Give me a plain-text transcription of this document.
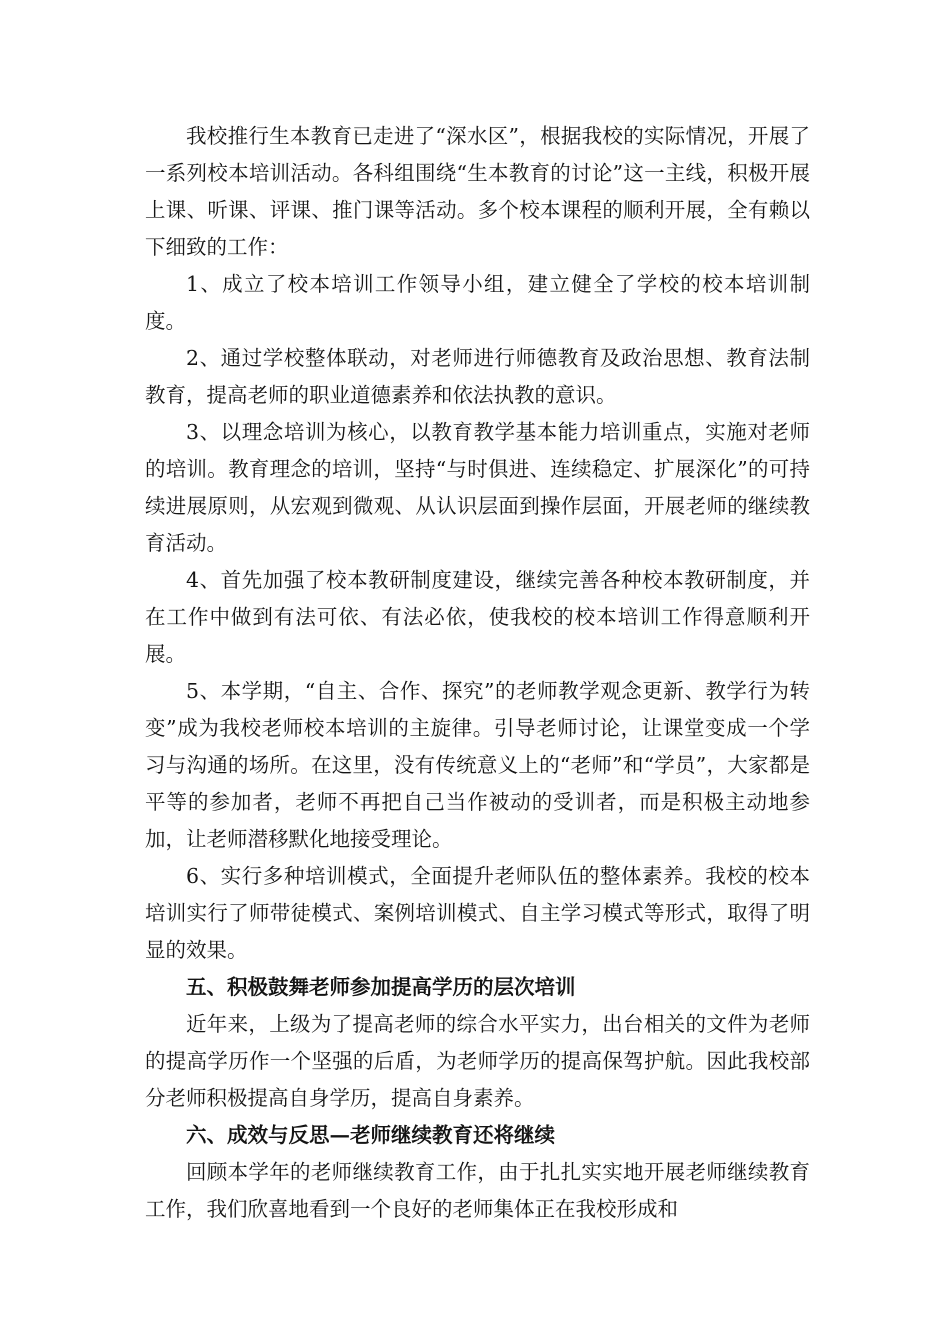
我校推行生本教育已走进了“深水区”，根据我校的实际情况，开展了一系列校本培训活动。各科组围绕“生本教育的讨论”这一主线，积极开展上课、听课、评课、推门课等活动。多个校本课程的顺利开展，全有赖以下细致的工作：

1、成立了校本培训工作领导小组，建立健全了学校的校本培训制度。

2、通过学校整体联动，对老师进行师德教育及政治思想、教育法制教育，提高老师的职业道德素养和依法执教的意识。

3、以理念培训为核心，以教育教学基本能力培训重点，实施对老师的培训。教育理念的培训，坚持“与时俱进、连续稳定、扩展深化”的可持续进展原则，从宏观到微观、从认识层面到操作层面，开展老师的继续教育活动。

4、首先加强了校本教研制度建设，继续完善各种校本教研制度，并在工作中做到有法可依、有法必依，使我校的校本培训工作得意顺利开展。

5、本学期，“自主、合作、探究”的老师教学观念更新、教学行为转变”成为我校老师校本培训的主旋律。引导老师讨论，让课堂变成一个学习与沟通的场所。在这里，没有传统意义上的“老师”和“学员”，大家都是平等的参加者，老师不再把自己当作被动的受训者，而是积极主动地参加，让老师潜移默化地接受理论。

6、实行多种培训模式，全面提升老师队伍的整体素养。我校的校本培训实行了师带徒模式、案例培训模式、自主学习模式等形式，取得了明显的效果。

五、积极鼓舞老师参加提高学历的层次培训

近年来，上级为了提高老师的综合水平实力，出台相关的文件为老师的提高学历作一个坚强的后盾，为老师学历的提高保驾护航。因此我校部分老师积极提高自身学历，提高自身素养。

六、成效与反思—老师继续教育还将继续

回顾本学年的老师继续教育工作，由于扎扎实实地开展老师继续教育工作，我们欣喜地看到一个良好的老师集体正在我校形成和
